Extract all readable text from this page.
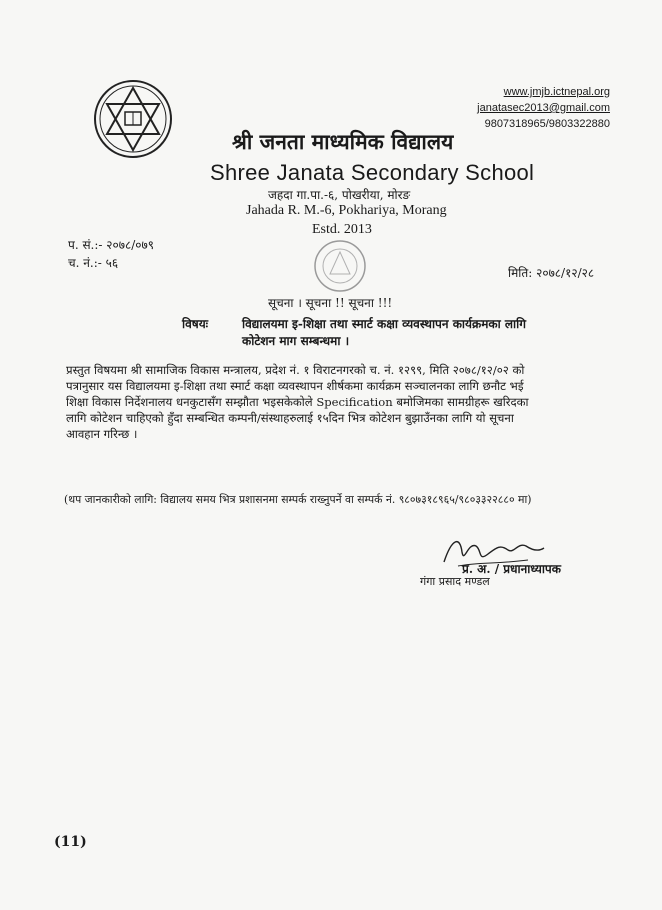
www.jmjb.ictnepal.org
janatasec2013@gmail.com
9807318965/9803322880
श्री जनता माध्यमिक विद्यालय
Shree Janata Secondary School
जहदा गा.पा.-६, पोखरीया, मोरङ
Jahada R. M.-6, Pokhariya, Morang
Estd. 2013
प. सं.:- २०७८/०७९
च. नं.:- ५६
मिति: २०७८/१२/२८
सूचना । सूचना !! सूचना !!!
विषयः	विद्यालयमा इ-शिक्षा तथा स्मार्ट कक्षा व्यवस्थापन कार्यक्रमका लागि
कोटेशन माग सम्बन्धमा ।
प्रस्तुत विषयमा श्री सामाजिक विकास मन्त्रालय, प्रदेश नं. १ विराटनगरको च. नं. १२९९, मिति २०७८/१२/०२ को
पत्रानुसार यस विद्यालयमा इ-शिक्षा तथा स्मार्ट कक्षा व्यवस्थापन शीर्षकमा कार्यक्रम सञ्चालनका लागि छनौट भई
शिक्षा विकास निर्देशनालय धनकुटासँग सम्झौता भइसकेकोले Specification बमोजिमका सामग्रीहरू खरिदका
लागि कोटेशन चाहिएको हुँदा सम्बन्धित कम्पनी/संस्थाहरुलाई १५दिन भित्र कोटेशन बुझाउँनका लागि यो सूचना
आवहान गरिन्छ ।
(थप जानकारीको लागि: विद्यालय समय भित्र प्रशासनमा सम्पर्क राख्नुपर्ने वा सम्पर्क नं. ९८०७३१८९६५/९८०३३२२८८० मा)
प्र. अ. / प्रधानाध्यापक
गंगा प्रसाद मण्डल
(11)
